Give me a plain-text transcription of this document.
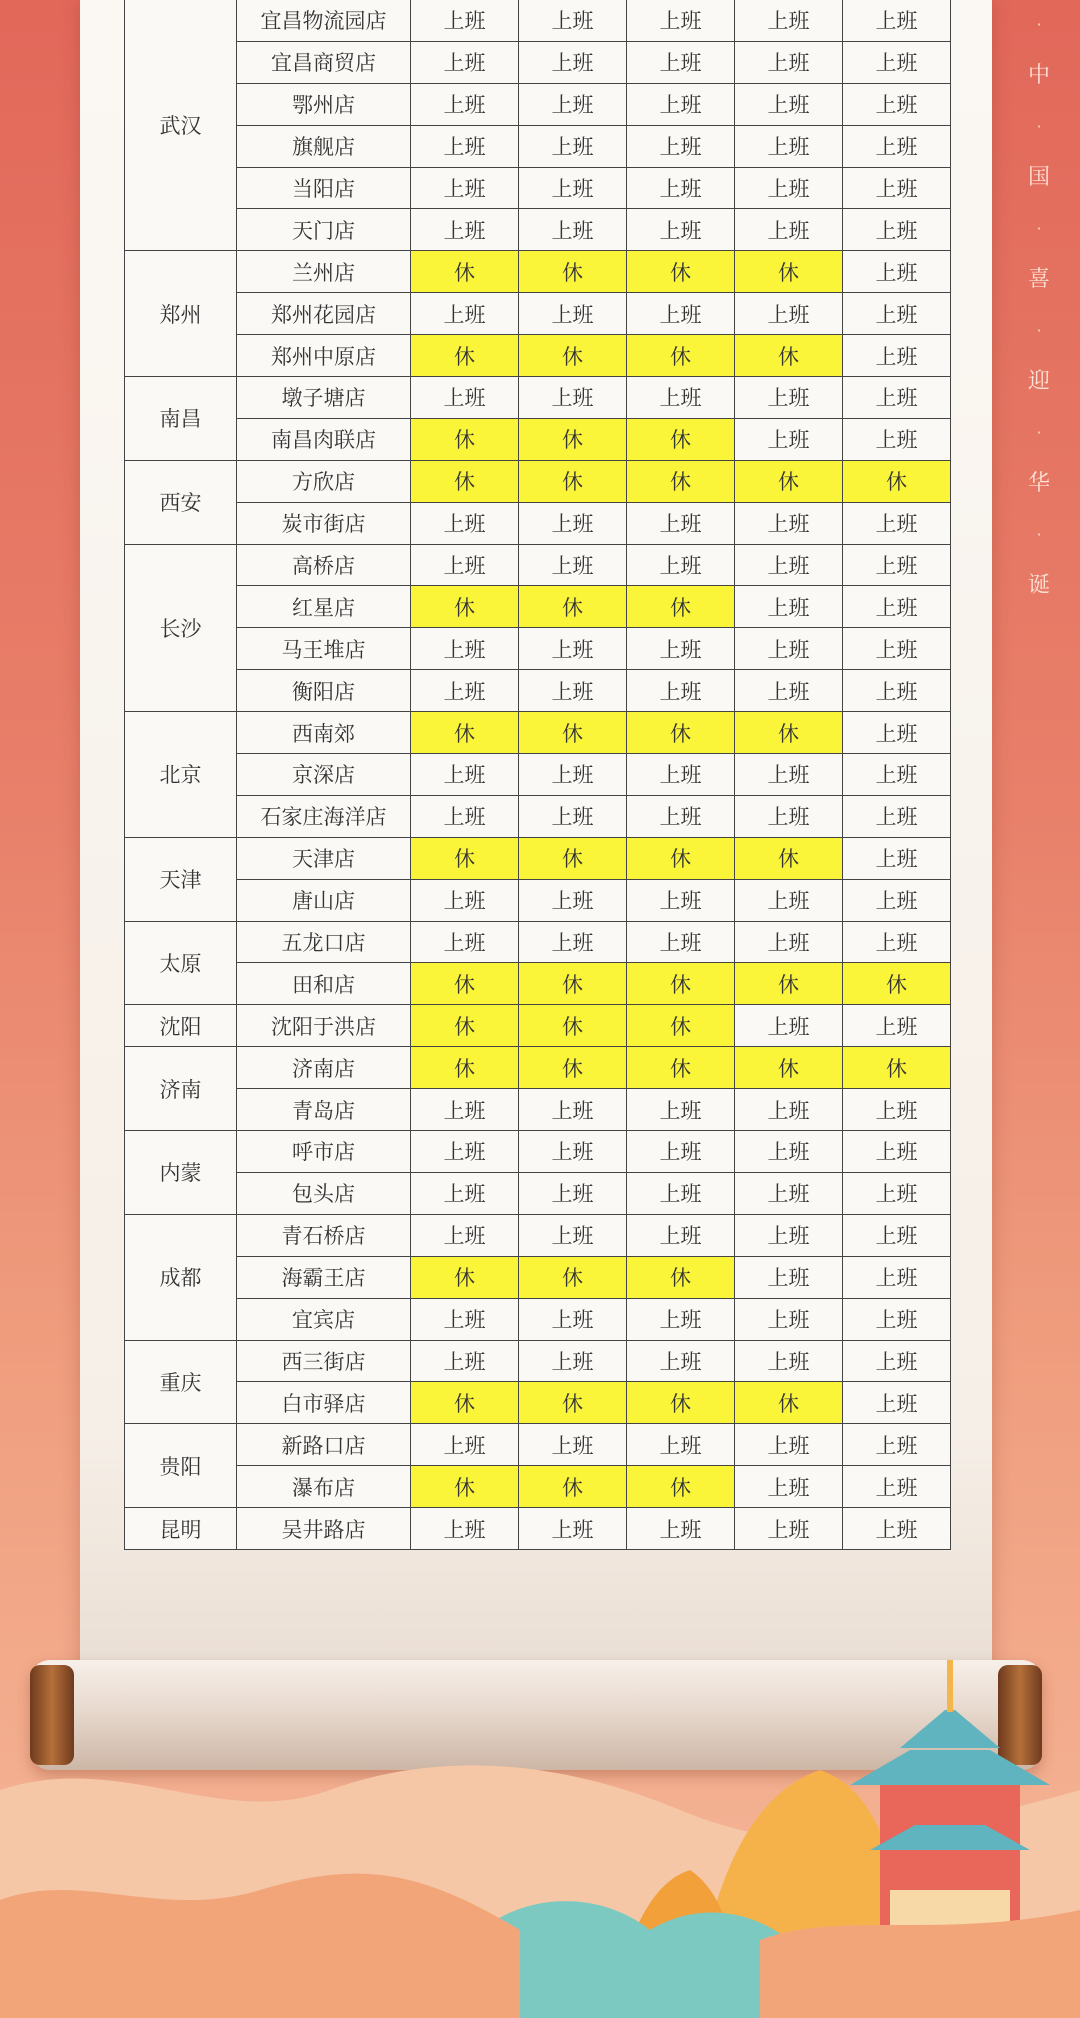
·
中
·
国
·
喜
·
迎
·
华
·
诞
武汉	宜昌物流园店	上班	上班	上班	上班	上班
	宜昌商贸店	上班	上班	上班	上班	上班
	鄂州店	上班	上班	上班	上班	上班
	旗舰店	上班	上班	上班	上班	上班
	当阳店	上班	上班	上班	上班	上班
	天门店	上班	上班	上班	上班	上班
郑州	兰州店	休	休	休	休	上班
	郑州花园店	上班	上班	上班	上班	上班
	郑州中原店	休	休	休	休	上班
南昌	墩子塘店	上班	上班	上班	上班	上班
	南昌肉联店	休	休	休	上班	上班
西安	方欣店	休	休	休	休	休
	炭市街店	上班	上班	上班	上班	上班
长沙	高桥店	上班	上班	上班	上班	上班
	红星店	休	休	休	上班	上班
	马王堆店	上班	上班	上班	上班	上班
	衡阳店	上班	上班	上班	上班	上班
北京	西南郊	休	休	休	休	上班
	京深店	上班	上班	上班	上班	上班
	石家庄海洋店	上班	上班	上班	上班	上班
天津	天津店	休	休	休	休	上班
	唐山店	上班	上班	上班	上班	上班
太原	五龙口店	上班	上班	上班	上班	上班
	田和店	休	休	休	休	休
沈阳	沈阳于洪店	休	休	休	上班	上班
济南	济南店	休	休	休	休	休
	青岛店	上班	上班	上班	上班	上班
内蒙	呼市店	上班	上班	上班	上班	上班
	包头店	上班	上班	上班	上班	上班
成都	青石桥店	上班	上班	上班	上班	上班
	海霸王店	休	休	休	上班	上班
	宜宾店	上班	上班	上班	上班	上班
重庆	西三街店	上班	上班	上班	上班	上班
	白市驿店	休	休	休	休	上班
贵阳	新路口店	上班	上班	上班	上班	上班
	瀑布店	休	休	休	上班	上班
昆明	吴井路店	上班	上班	上班	上班	上班
